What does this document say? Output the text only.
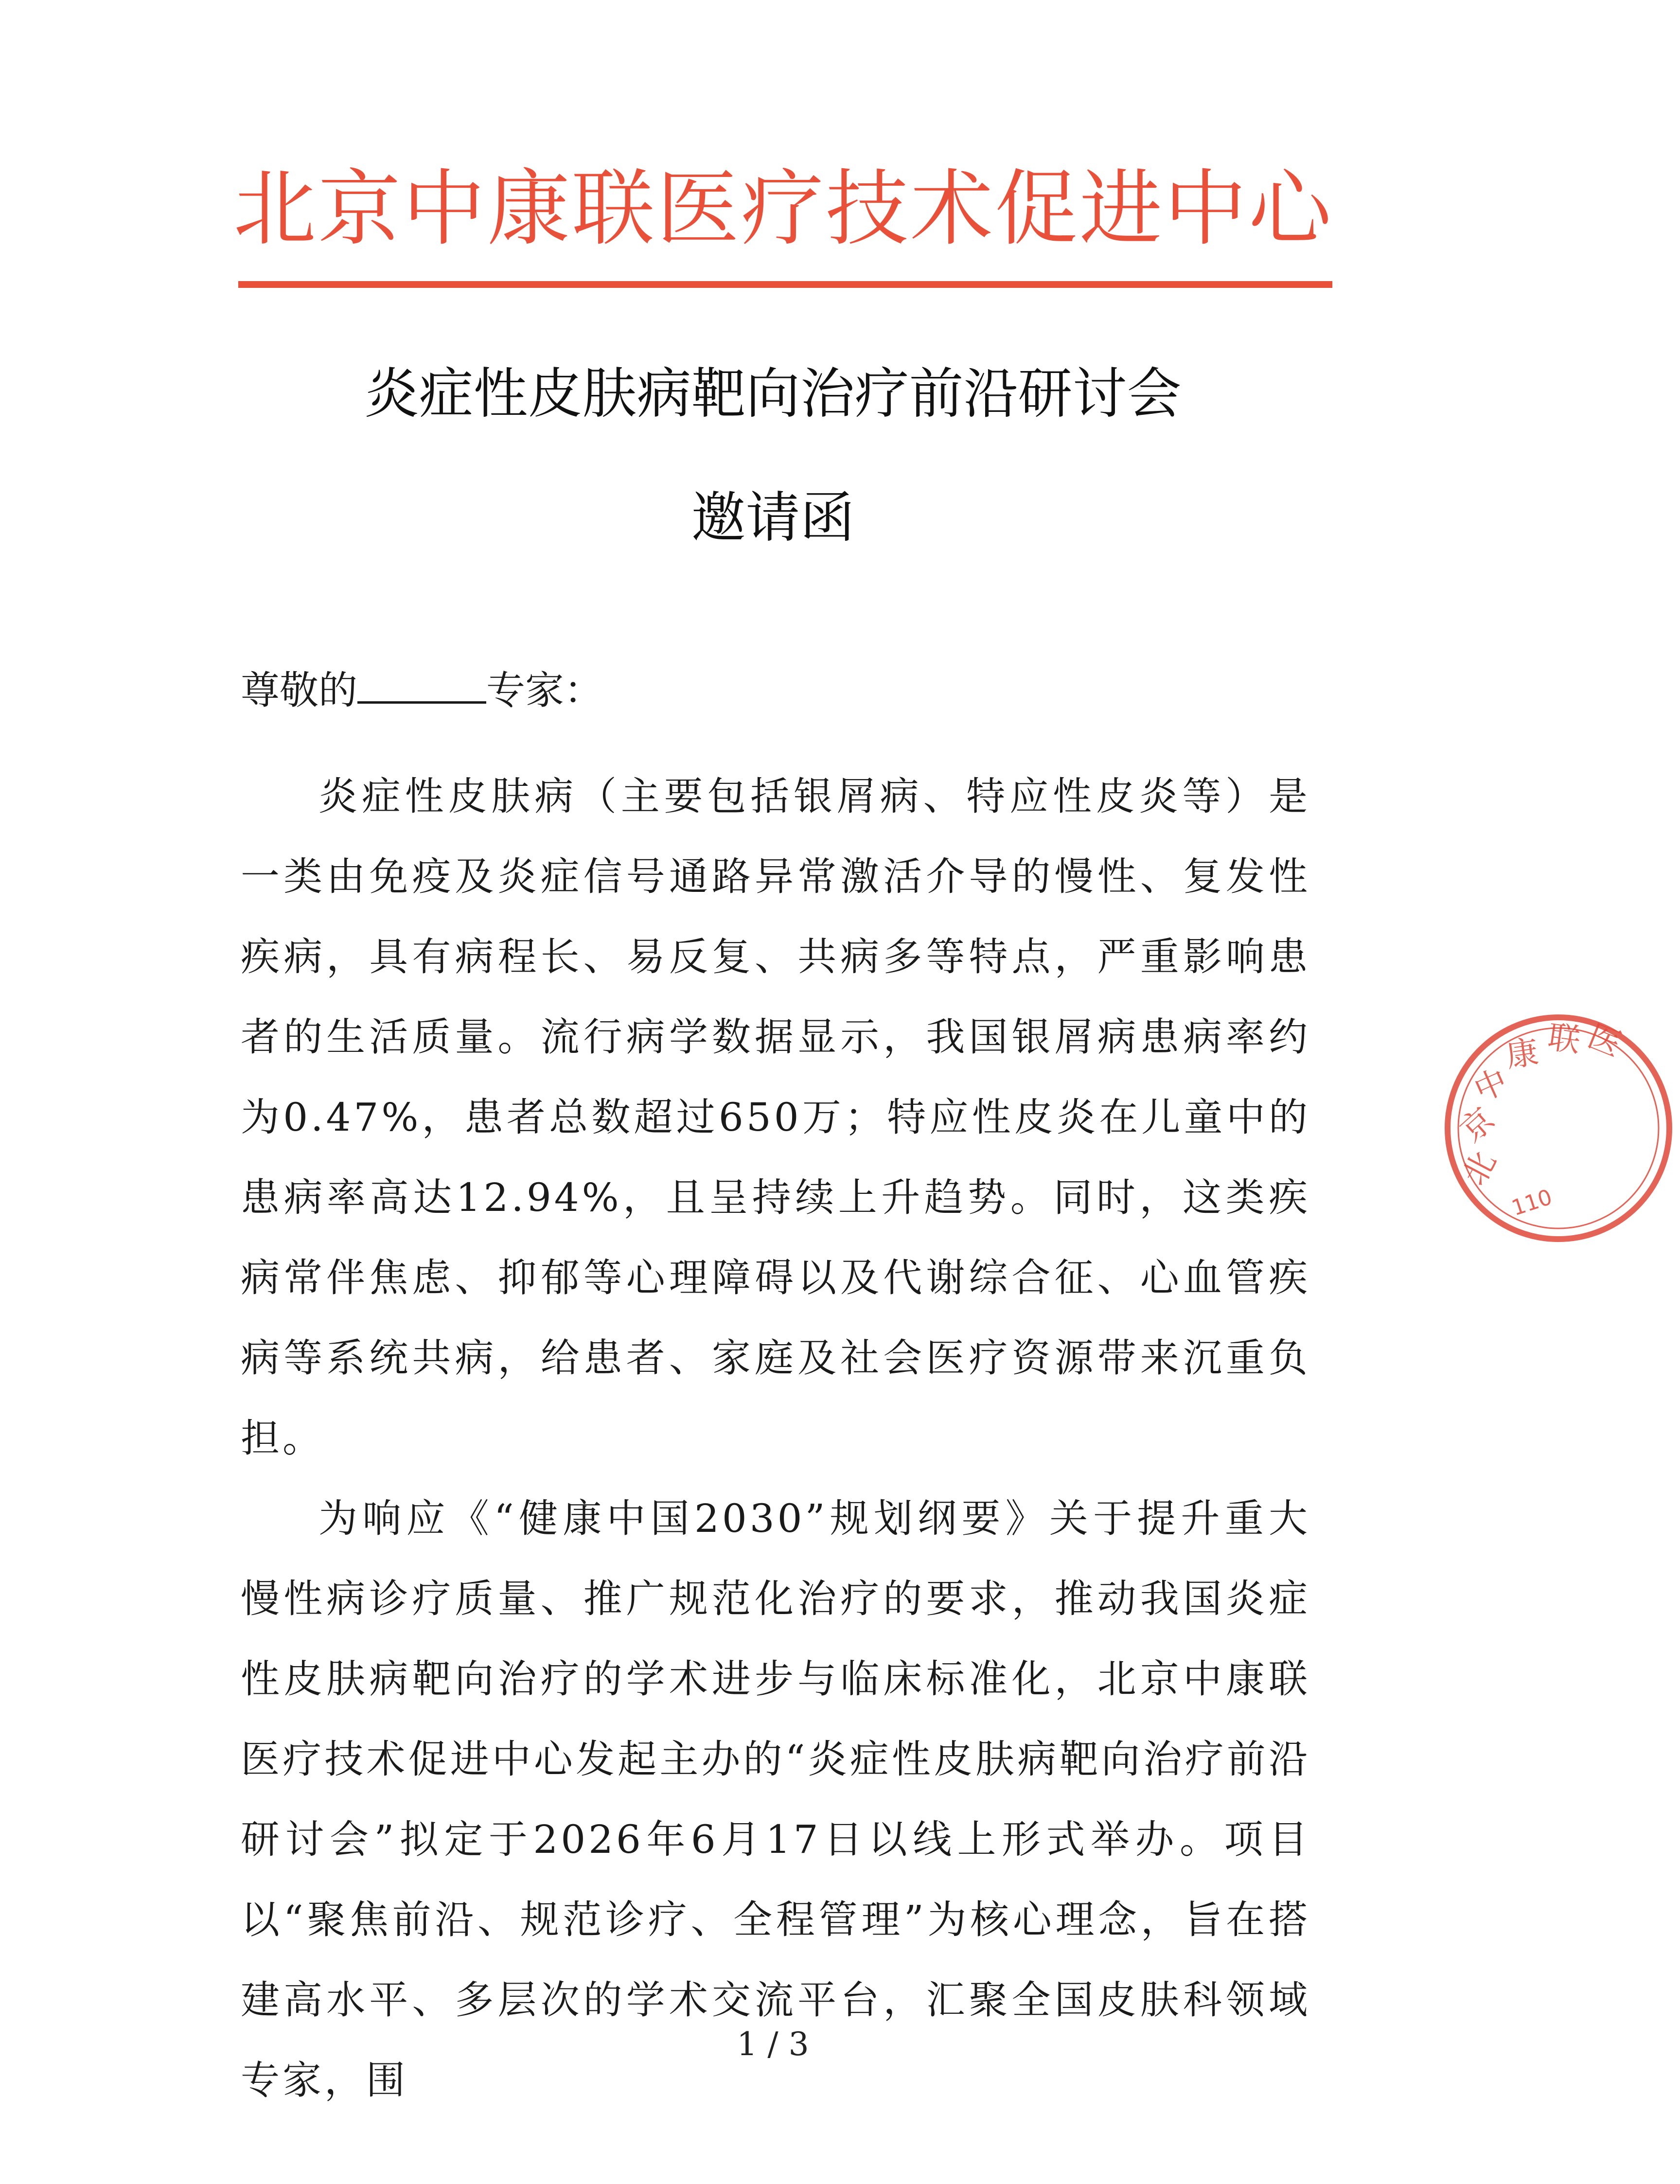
北京中康联医疗技术促进中心
炎症性皮肤病靶向治疗前沿研讨会
邀请函
尊敬的	专家：

炎症性皮肤病（主要包括银屑病、特应性皮炎等）是一类由免疫及炎症信号通路异常激活介导的慢性、复发性疾病，具有病程长、易反复、共病多等特点，严重影响患者的生活质量。流行病学数据显示，我国银屑病患病率约为0.47%，患者总数超过650万；特应性皮炎在儿童中的患病率高达12.94%，且呈持续上升趋势。同时，这类疾病常伴焦虑、抑郁等心理障碍以及代谢综合征、心血管疾病等系统共病，给患者、家庭及社会医疗资源带来沉重负担。

为响应《“健康中国2030”规划纲要》关于提升重大慢性病诊疗质量、推广规范化治疗的要求，推动我国炎症性皮肤病靶向治疗的学术进步与临床标准化，北京中康联医疗技术促进中心发起主办的“炎症性皮肤病靶向治疗前沿研讨会”拟定于2026年6月17日以线上形式举办。项目以“聚焦前沿、规范诊疗、全程管理”为核心理念，旨在搭建高水平、多层次的学术交流平台，汇聚全国皮肤科领域专家，围

1 / 3
北
京
中
康 联 医
110
